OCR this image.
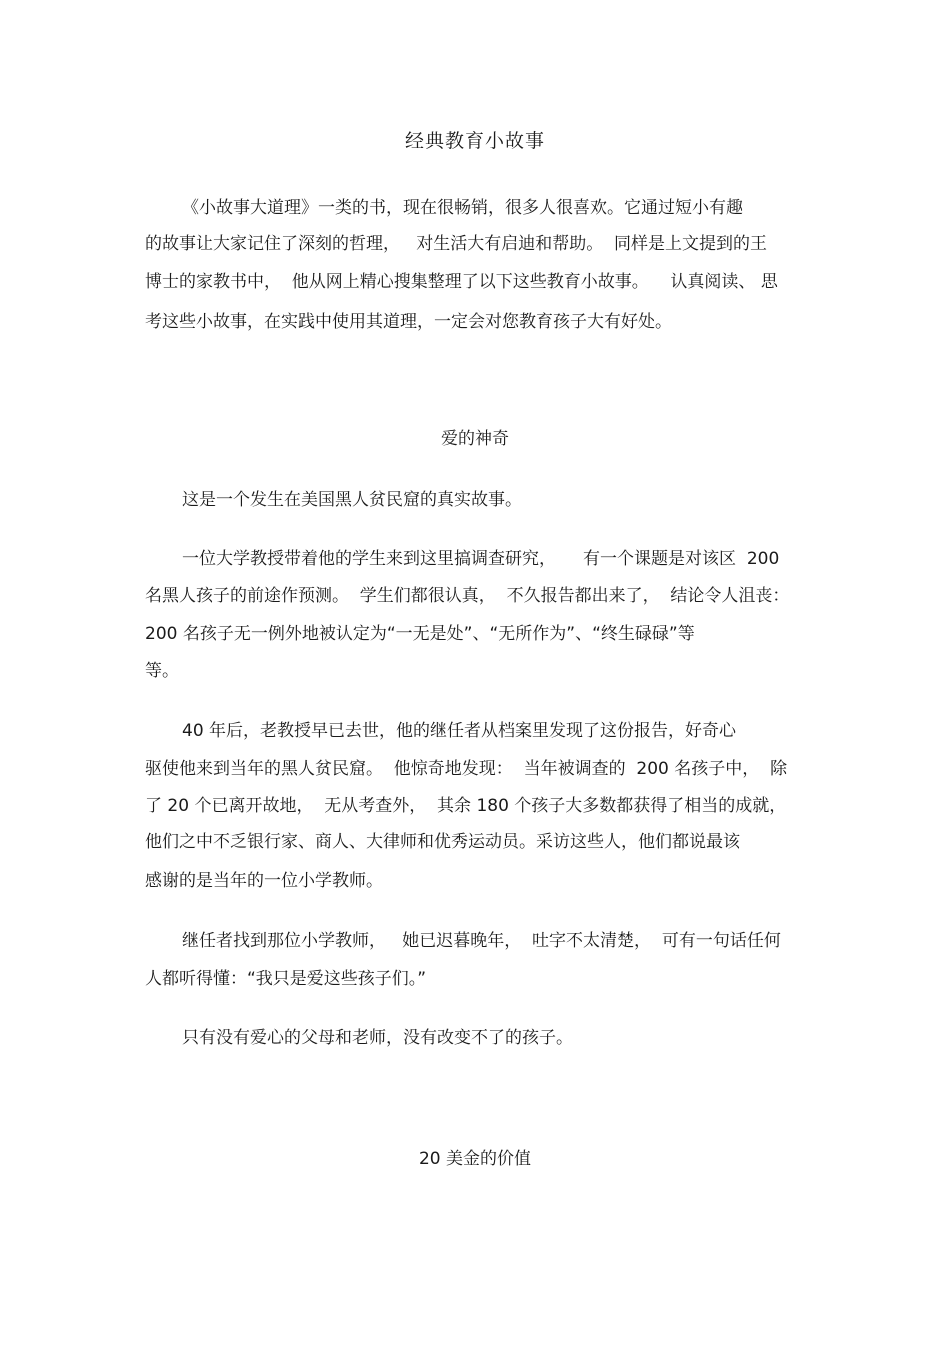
经典教育小故事
《小故事大道理》一类的书，现在很畅销，很多人很喜欢。它通过短小有趣
的故事让大家记住了深刻的哲理，   对生活大有启迪和帮助。  同样是上文提到的王
博士的家教书中，  他从网上精心搜集整理了以下这些教育小故事。    认真阅读、 思
考这些小故事，在实践中使用其道理，一定会对您教育孩子大有好处。
爱的神奇
这是一个发生在美国黑人贫民窟的真实故事。
一位大学教授带着他的学生来到这里搞调查研究，     有一个课题是对该区  200
名黑人孩子的前途作预测。  学生们都很认真，  不久报告都出来了，  结论令人沮丧：
200 名孩子无一例外地被认定为“一无是处”、“无所作为”、“终生碌碌”等
等。
40 年后，老教授早已去世，他的继任者从档案里发现了这份报告，好奇心
驱使他来到当年的黑人贫民窟。  他惊奇地发现：  当年被调查的  200 名孩子中，  除
了 20 个已离开故地，  无从考查外，  其余 180 个孩子大多数都获得了相当的成就，
他们之中不乏银行家、商人、大律师和优秀运动员。采访这些人，他们都说最该
感谢的是当年的一位小学教师。
继任者找到那位小学教师，   她已迟暮晚年，  吐字不太清楚，  可有一句话任何
人都听得懂：“我只是爱这些孩子们。”
只有没有爱心的父母和老师，没有改变不了的孩子。
20 美金的价值
